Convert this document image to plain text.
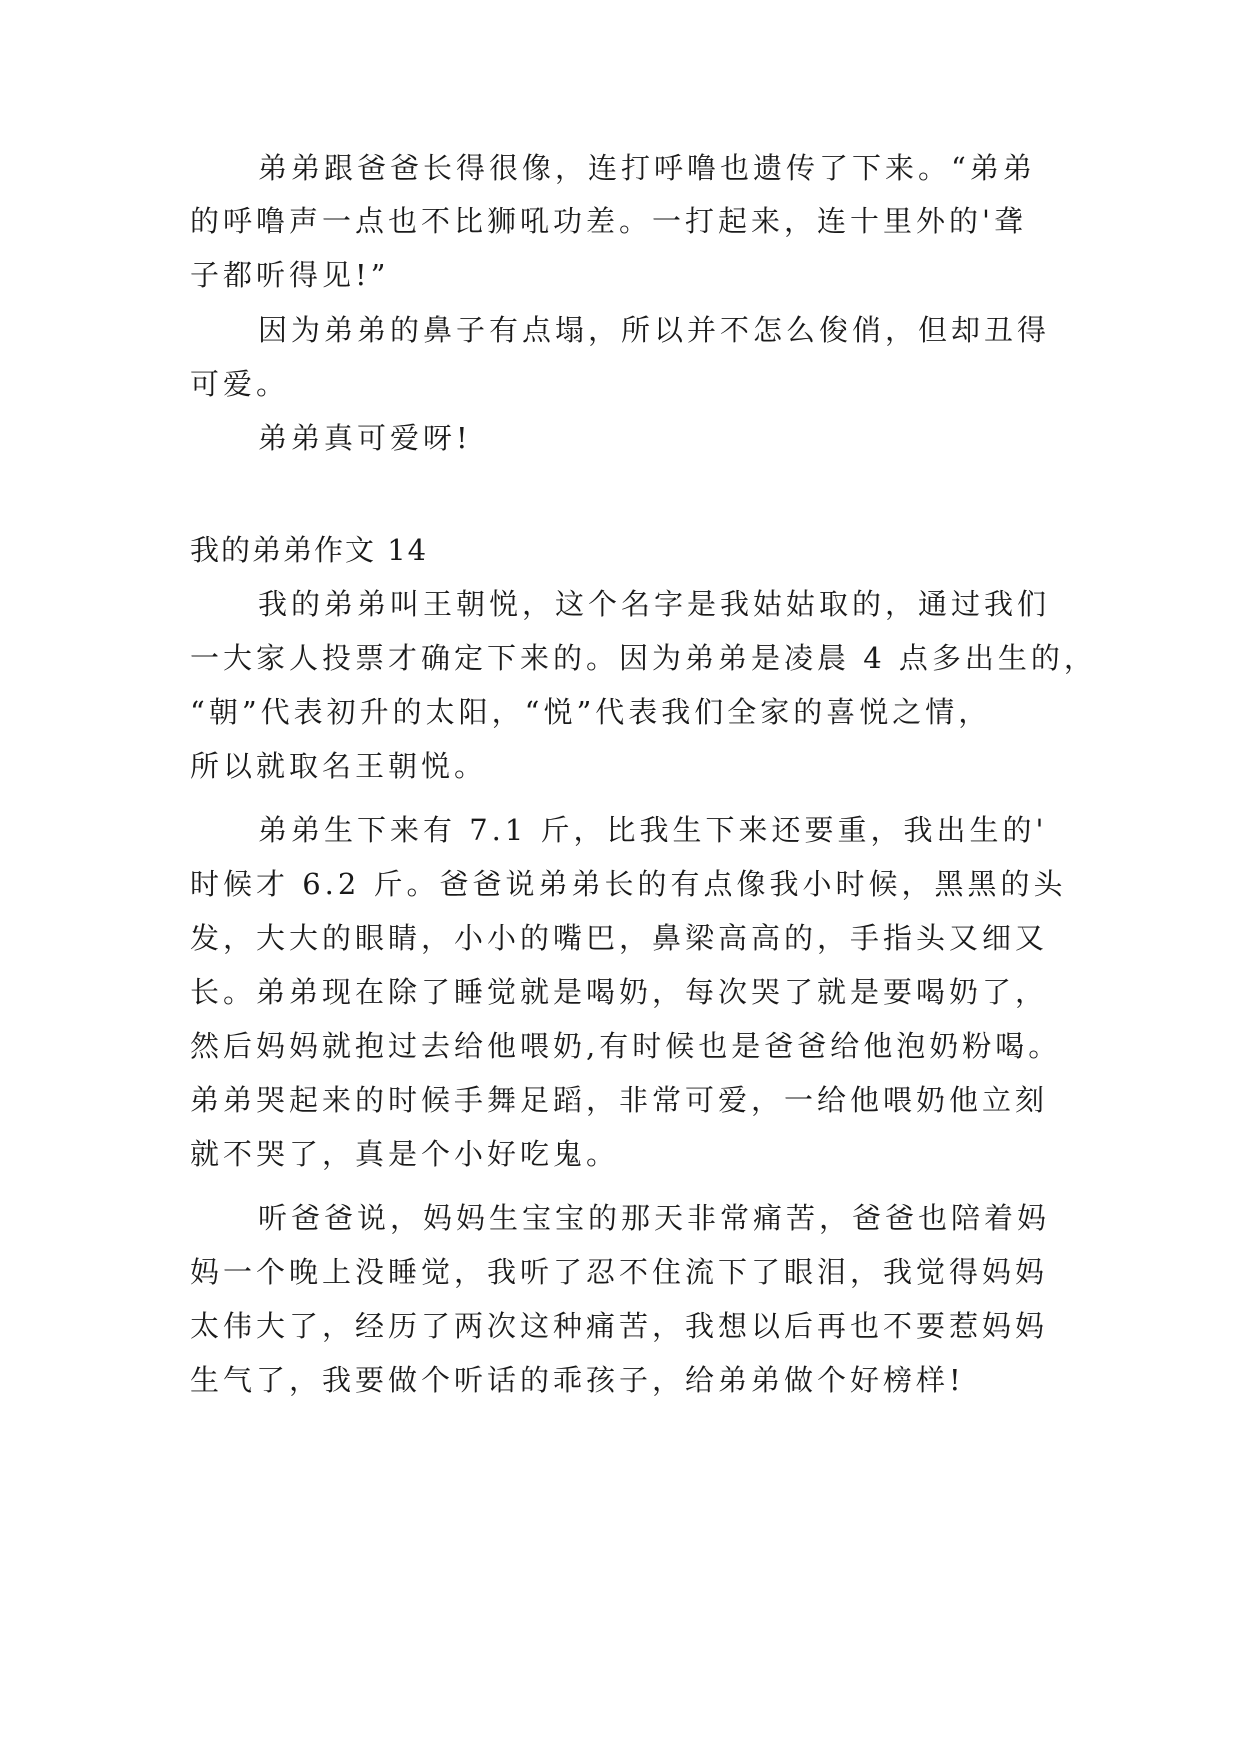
弟弟跟爸爸长得很像，连打呼噜也遗传了下来。“弟弟
的呼噜声一点也不比狮吼功差。一打起来，连十里外的'聋
子都听得见!”
因为弟弟的鼻子有点塌，所以并不怎么俊俏，但却丑得
可爱。
弟弟真可爱呀!
我的弟弟作文 14
我的弟弟叫王朝悦，这个名字是我姑姑取的，通过我们
一大家人投票才确定下来的。因为弟弟是凌晨 4 点多出生的，
“朝”代表初升的太阳，“悦”代表我们全家的喜悦之情，
所以就取名王朝悦。
弟弟生下来有 7.1 斤，比我生下来还要重，我出生的'
时候才 6.2 斤。爸爸说弟弟长的有点像我小时候，黑黑的头
发，大大的眼睛，小小的嘴巴，鼻梁高高的，手指头又细又
长。弟弟现在除了睡觉就是喝奶，每次哭了就是要喝奶了，
然后妈妈就抱过去给他喂奶,有时候也是爸爸给他泡奶粉喝。
弟弟哭起来的时候手舞足蹈，非常可爱，一给他喂奶他立刻
就不哭了，真是个小好吃鬼。
听爸爸说，妈妈生宝宝的那天非常痛苦，爸爸也陪着妈
妈一个晚上没睡觉，我听了忍不住流下了眼泪，我觉得妈妈
太伟大了，经历了两次这种痛苦，我想以后再也不要惹妈妈
生气了，我要做个听话的乖孩子，给弟弟做个好榜样!
